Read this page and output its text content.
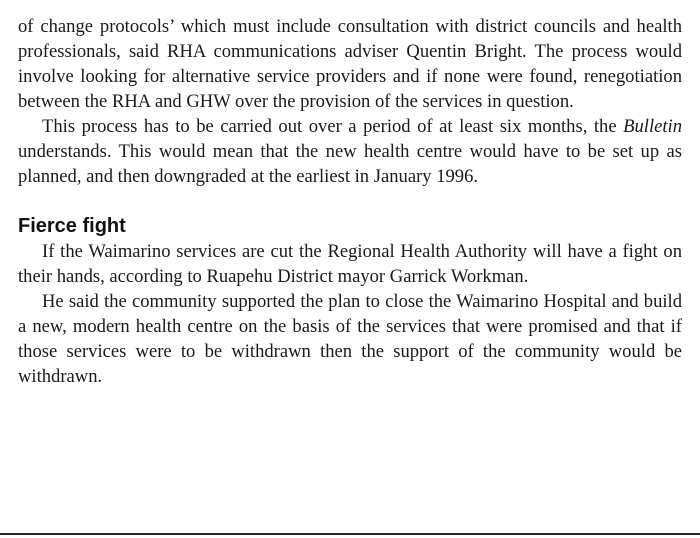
of change protocols’ which must include consultation with district councils and health professionals, said RHA communications adviser Quentin Bright. The process would involve looking for alternative service providers and if none were found, renegotiation between the RHA and GHW over the provision of the services in question.

This process has to be carried out over a period of at least six months, the Bulletin understands. This would mean that the new health centre would have to be set up as planned, and then downgraded at the earliest in January 1996.

Fierce fight

If the Waimarino services are cut the Regional Health Authority will have a fight on their hands, according to Ruapehu District mayor Garrick Workman.

He said the community supported the plan to close the Waimarino Hospital and build a new, modern health centre on the basis of the services that were promised and that if those services were to be withdrawn then the support of the community would be withdrawn.
